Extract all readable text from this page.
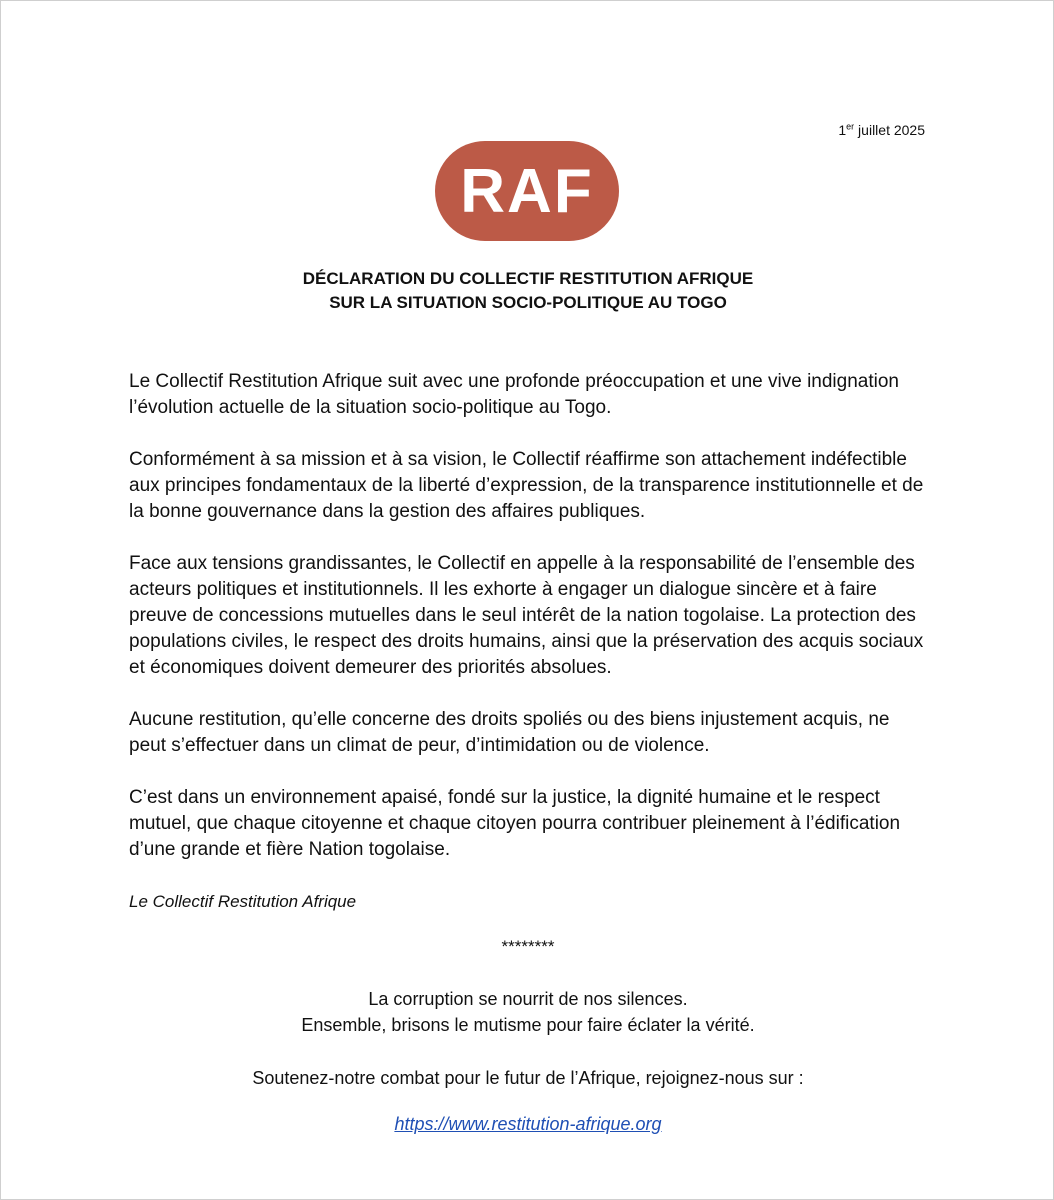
1er juillet 2025
RAF
DÉCLARATION DU COLLECTIF RESTITUTION AFRIQUE
SUR LA SITUATION SOCIO-POLITIQUE AU TOGO

Le Collectif Restitution Afrique suit avec une profonde préoccupation et une vive indignation l’évolution actuelle de la situation socio-politique au Togo.

Conformément à sa mission et à sa vision, le Collectif réaffirme son attachement indéfectible aux principes fondamentaux de la liberté d’expression, de la transparence institutionnelle et de la bonne gouvernance dans la gestion des affaires publiques.

Face aux tensions grandissantes, le Collectif en appelle à la responsabilité de l’ensemble des acteurs politiques et institutionnels. Il les exhorte à engager un dialogue sincère et à faire preuve de concessions mutuelles dans le seul intérêt de la nation togolaise. La protection des populations civiles, le respect des droits humains, ainsi que la préservation des acquis sociaux et économiques doivent demeurer des priorités absolues.

Aucune restitution, qu’elle concerne des droits spoliés ou des biens injustement acquis, ne peut s’effectuer dans un climat de peur, d’intimidation ou de violence.

C’est dans un environnement apaisé, fondé sur la justice, la dignité humaine et le respect mutuel, que chaque citoyenne et chaque citoyen pourra contribuer pleinement à l’édification d’une grande et fière Nation togolaise.

Le Collectif Restitution Afrique

********
La corruption se nourrit de nos silences.
Ensemble, brisons le mutisme pour faire éclater la vérité.
Soutenez-notre combat pour le futur de l’Afrique, rejoignez-nous sur :
https://www.restitution-afrique.org
